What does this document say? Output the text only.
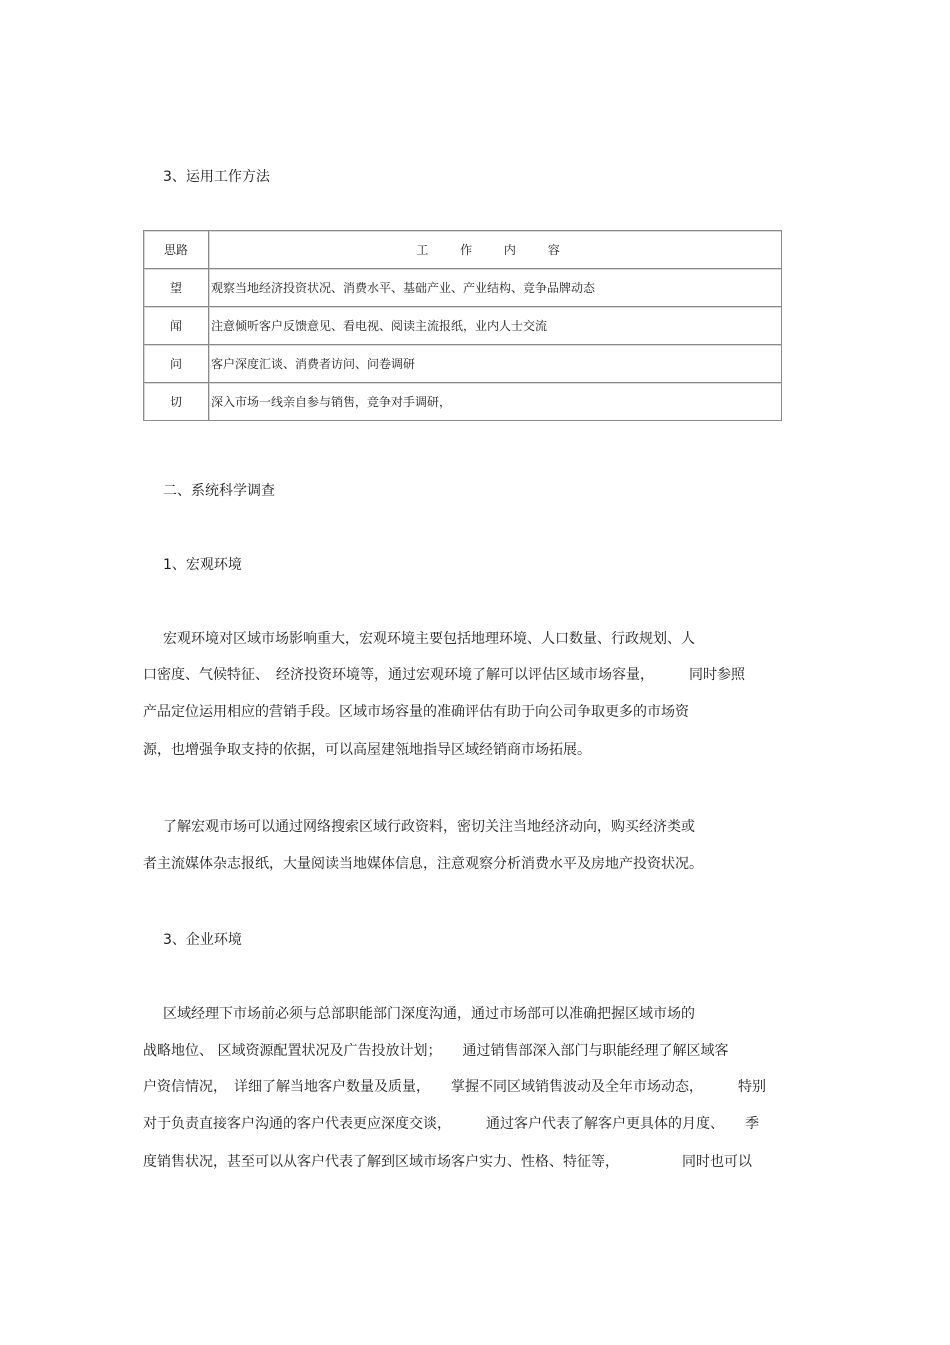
3、运用工作方法
思路	工 作 内 容
望	观察当地经济投资状况、消费水平、基础产业、产业结构、竞争品牌动态
闻	注意倾听客户反馈意见、看电视、阅读主流报纸，业内人士交流
问	客户深度汇谈、消费者访问、问卷调研
切	深入市场一线亲自参与销售，竞争对手调研，
二、系统科学调查
1、宏观环境
宏观环境对区域市场影响重大，宏观环境主要包括地理环境、人口数量、行政规划、人
口密度、气候特征、　经济投资环境等，通过宏观环境了解可以评估区域市场容量，　　　同时参照
产品定位运用相应的营销手段。区域市场容量的准确评估有助于向公司争取更多的市场资
源，也增强争取支持的依据，可以高屋建瓴地指导区域经销商市场拓展。
了解宏观市场可以通过网络搜索区域行政资料，密切关注当地经济动向，购买经济类或
者主流媒体杂志报纸，大量阅读当地媒体信息，注意观察分析消费水平及房地产投资状况。
3、企业环境
区域经理下市场前必须与总部职能部门深度沟通，通过市场部可以准确把握区域市场的
战略地位、 区域资源配置状况及广告投放计划；　　通过销售部深入部门与职能经理了解区域客
户资信情况，　详细了解当地客户数量及质量，　　掌握不同区域销售波动及全年市场动态，　　　特别
对于负责直接客户沟通的客户代表更应深度交谈，　　　通过客户代表了解客户更具体的月度、　　季
度销售状况，甚至可以从客户代表了解到区域市场客户实力、性格、特征等，　　　　　同时也可以
